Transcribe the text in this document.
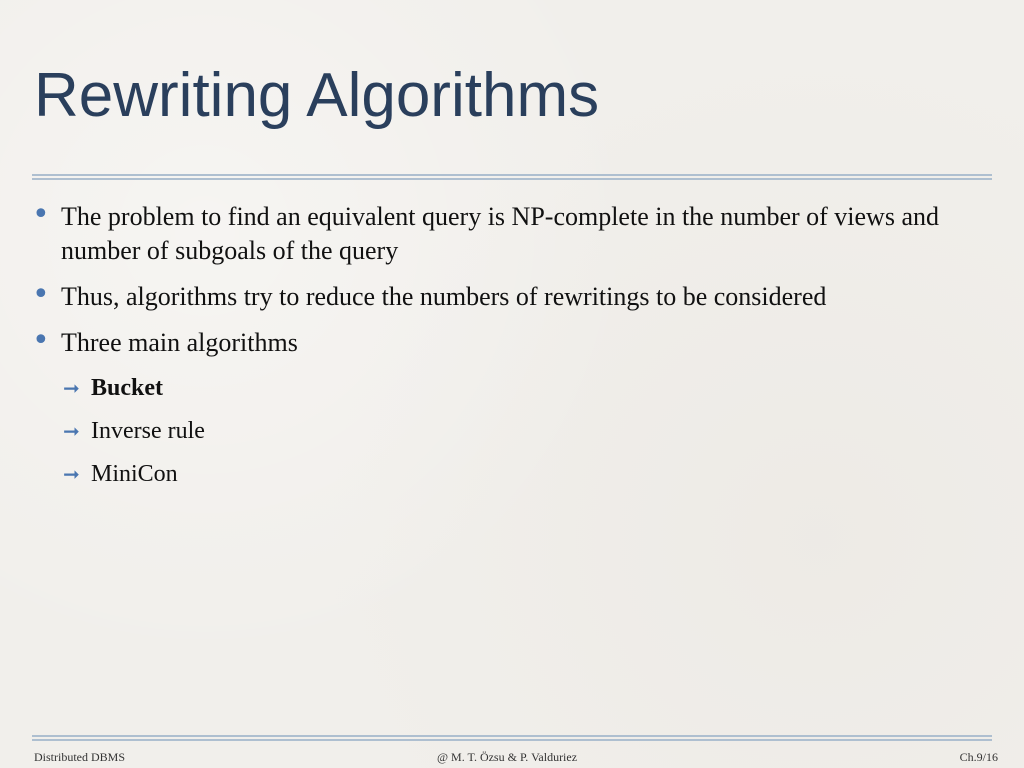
Rewriting Algorithms
• The problem to find an equivalent query is NP-complete in the number of views and number of subgoals of the query
• Thus, algorithms try to reduce the numbers of rewritings to be considered
• Three main algorithms
➞ Bucket
➞ Inverse rule
➞ MiniCon
Distributed DBMS	@ M. T. Özsu & P. Valduriez	Ch.9/16
